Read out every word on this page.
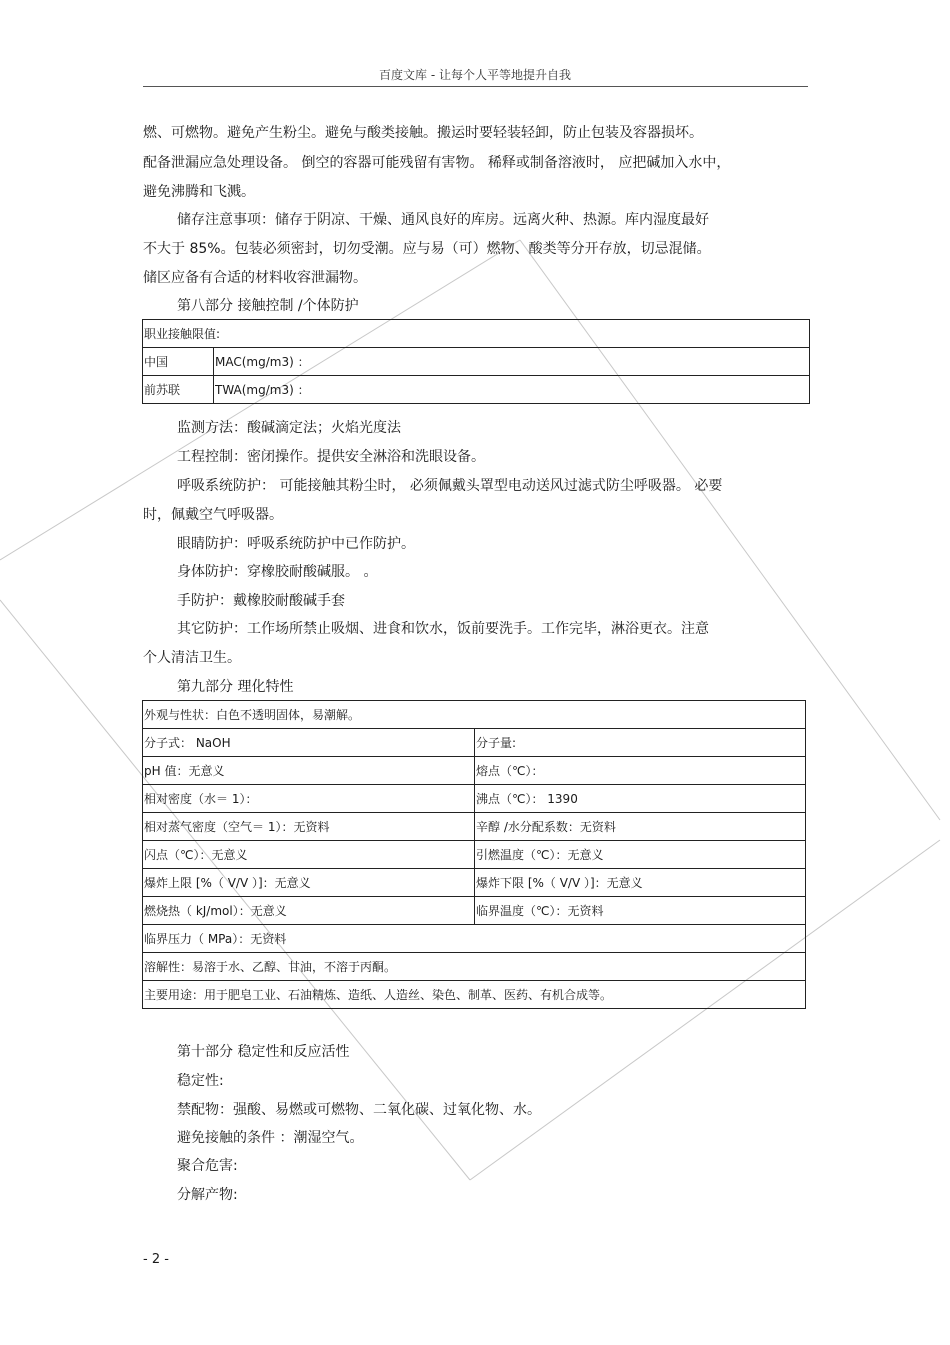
百度文库 - 让每个人平等地提升自我
燃、可燃物。避免产生粉尘。避免与酸类接触。搬运时要轻装轻卸，防止包装及容器损坏。
配备泄漏应急处理设备。 倒空的容器可能残留有害物。 稀释或制备溶液时， 应把碱加入水中，
避免沸腾和飞溅。
储存注意事项：储存于阴凉、干燥、通风良好的库房。远离火种、热源。库内湿度最好
不大于 85%。包装必须密封，切勿受潮。应与易（可）燃物、酸类等分开存放，切忌混储。
储区应备有合适的材料收容泄漏物。
第八部分 接触控制 /个体防护
职业接触限值:	
中国	MAC(mg/m3) ：
前苏联	TWA(mg/m3) ：
监测方法：酸碱滴定法；火焰光度法
工程控制：密闭操作。提供安全淋浴和洗眼设备。
呼吸系统防护： 可能接触其粉尘时， 必须佩戴头罩型电动送风过滤式防尘呼吸器。 必要
时，佩戴空气呼吸器。
眼睛防护：呼吸系统防护中已作防护。
身体防护：穿橡胶耐酸碱服。 。
手防护：戴橡胶耐酸碱手套
其它防护：工作场所禁止吸烟、进食和饮水，饭前要洗手。工作完毕，淋浴更衣。注意
个人清洁卫生。
第九部分 理化特性
外观与性状：白色不透明固体，易潮解。	
分子式： NaOH	分子量:
pH 值：无意义	熔点（℃）：
相对密度（水＝ 1）：	沸点（℃）： 1390
相对蒸气密度（空气＝ 1）：无资料	辛醇 /水分配系数：无资料
闪点（℃）：无意义	引燃温度（℃）：无意义
爆炸上限 [%（ V/V ）]：无意义	爆炸下限 [%（ V/V ）]：无意义
燃烧热（ kJ/mol）：无意义	临界温度（℃）：无资料
临界压力（ MPa）：无资料	
溶解性：易溶于水、乙醇、甘油，不溶于丙酮。	
主要用途：用于肥皂工业、石油精炼、造纸、人造丝、染色、制革、医药、有机合成等。	
第十部分 稳定性和反应活性
稳定性:
禁配物：强酸、易燃或可燃物、二氧化碳、过氧化物、水。
避免接触的条件 ：潮湿空气。
聚合危害:
分解产物:
- 2 -
